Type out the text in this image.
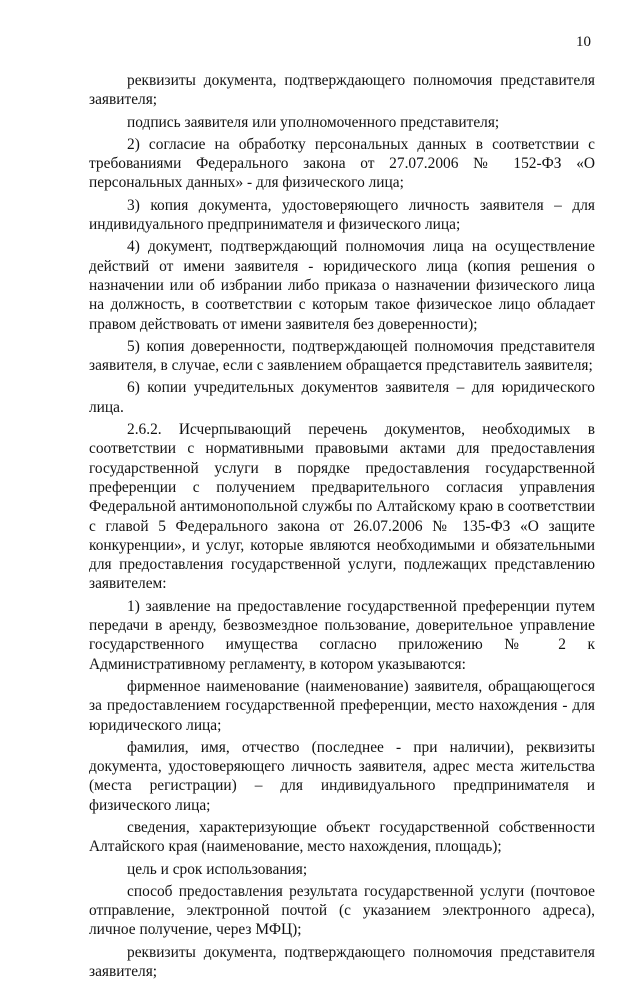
10

реквизиты документа, подтверждающего полномочия представителя заявителя;

подпись заявителя или уполномоченного представителя;

2) согласие на обработку персональных данных в соответствии с требованиями Федерального закона от 27.07.2006 № 152-ФЗ «О персональных данных» - для физического лица;

3) копия документа, удостоверяющего личность заявителя – для индивидуального предпринимателя и физического лица;

4) документ, подтверждающий полномочия лица на осуществление действий от имени заявителя - юридического лица (копия решения о назначении или об избрании либо приказа о назначении физического лица на должность, в соответствии с которым такое физическое лицо обладает правом действовать от имени заявителя без доверенности);

5) копия доверенности, подтверждающей полномочия представителя заявителя, в случае, если с заявлением обращается представитель заявителя;

6) копии учредительных документов заявителя – для юридического лица.

2.6.2. Исчерпывающий перечень документов, необходимых в соответствии с нормативными правовыми актами для предоставления государственной услуги в порядке предоставления государственной преференции с получением предварительного согласия управления Федеральной антимонопольной службы по Алтайскому краю в соответствии с главой 5 Федерального закона от 26.07.2006 № 135-ФЗ «О защите конкуренции», и услуг, которые являются необходимыми и обязательными для предоставления государственной услуги, подлежащих представлению заявителем:

1) заявление на предоставление государственной преференции путем передачи в аренду, безвозмездное пользование, доверительное управление государственного имущества согласно приложению № 2 к Административному регламенту, в котором указываются:

фирменное наименование (наименование) заявителя, обращающегося за предоставлением государственной преференции, место нахождения - для юридического лица;

фамилия, имя, отчество (последнее - при наличии), реквизиты документа, удостоверяющего личность заявителя, адрес места жительства (места регистрации) – для индивидуального предпринимателя и физического лица;

сведения, характеризующие объект государственной собственности Алтайского края (наименование, место нахождения, площадь);

цель и срок использования;

способ предоставления результата государственной услуги (почтовое отправление, электронной почтой (с указанием электронного адреса), личное получение, через МФЦ);

реквизиты документа, подтверждающего полномочия представителя заявителя;
